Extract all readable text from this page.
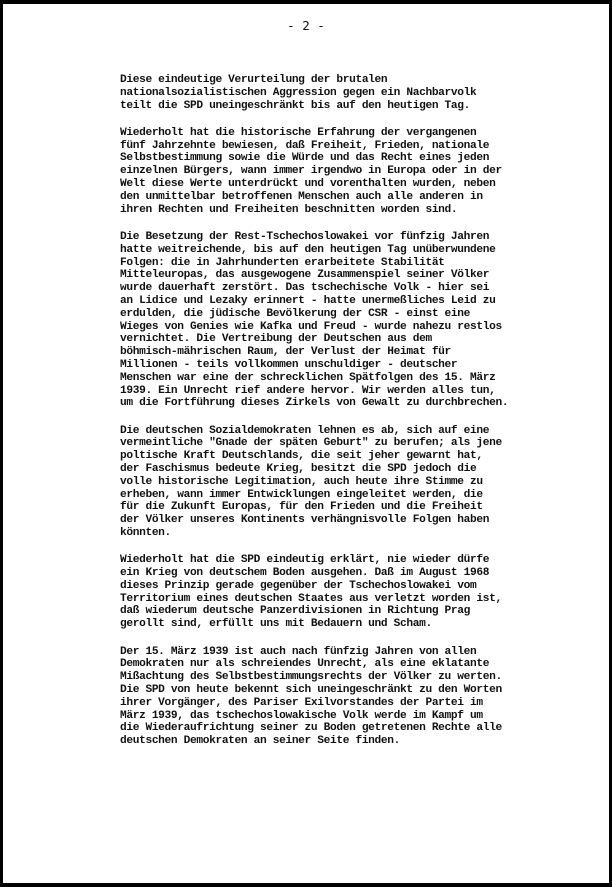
- 2 -

Diese eindeutige Verurteilung der brutalen
nationalsozialistischen Aggression gegen ein Nachbarvolk
teilt die SPD uneingeschränkt bis auf den heutigen Tag.

Wiederholt hat die historische Erfahrung der vergangenen
fünf Jahrzehnte bewiesen, daß Freiheit, Frieden, nationale
Selbstbestimmung sowie die Würde und das Recht eines jeden
einzelnen Bürgers, wann immer irgendwo in Europa oder in der
Welt diese Werte unterdrückt und vorenthalten wurden, neben
den unmittelbar betroffenen Menschen auch alle anderen in
ihren Rechten und Freiheiten beschnitten worden sind.

Die Besetzung der Rest-Tschechoslowakei vor fünfzig Jahren
hatte weitreichende, bis auf den heutigen Tag unüberwundene
Folgen: die in Jahrhunderten erarbeitete Stabilität
Mitteleuropas, das ausgewogene Zusammenspiel seiner Völker
wurde dauerhaft zerstört. Das tschechische Volk - hier sei
an Lidice und Lezaky erinnert - hatte unermeßliches Leid zu
erdulden, die jüdische Bevölkerung der CSR - einst eine
Wieges von Genies wie Kafka und Freud - wurde nahezu restlos
vernichtet. Die Vertreibung der Deutschen aus dem
böhmisch-mährischen Raum, der Verlust der Heimat für
Millionen - teils vollkommen unschuldiger - deutscher
Menschen war eine der schrecklichen Spätfolgen des 15. März
1939. Ein Unrecht rief andere hervor. Wir werden alles tun,
um die Fortführung dieses Zirkels von Gewalt zu durchbrechen.

Die deutschen Sozialdemokraten lehnen es ab, sich auf eine
vermeintliche "Gnade der späten Geburt" zu berufen; als jene
poltische Kraft Deutschlands, die seit jeher gewarnt hat,
der Faschismus bedeute Krieg, besitzt die SPD jedoch die
volle historische Legitimation, auch heute ihre Stimme zu
erheben, wann immer Entwicklungen eingeleitet werden, die
für die Zukunft Europas, für den Frieden und die Freiheit
der Völker unseres Kontinents verhängnisvolle Folgen haben
könnten.

Wiederholt hat die SPD eindeutig erklärt, nie wieder dürfe
ein Krieg von deutschem Boden ausgehen. Daß im August 1968
dieses Prinzip gerade gegenüber der Tschechoslowakei vom
Territorium eines deutschen Staates aus verletzt worden ist,
daß wiederum deutsche Panzerdivisionen in Richtung Prag
gerollt sind, erfüllt uns mit Bedauern und Scham.

Der 15. März 1939 ist auch nach fünfzig Jahren von allen
Demokraten nur als schreiendes Unrecht, als eine eklatante
Mißachtung des Selbstbestimmungsrechts der Völker zu werten.
Die SPD von heute bekennt sich uneingeschränkt zu den Worten
ihrer Vorgänger, des Pariser Exilvorstandes der Partei im
März 1939, das tschechoslowakische Volk werde im Kampf um
die Wiederaufrichtung seiner zu Boden getretenen Rechte alle
deutschen Demokraten an seiner Seite finden.
